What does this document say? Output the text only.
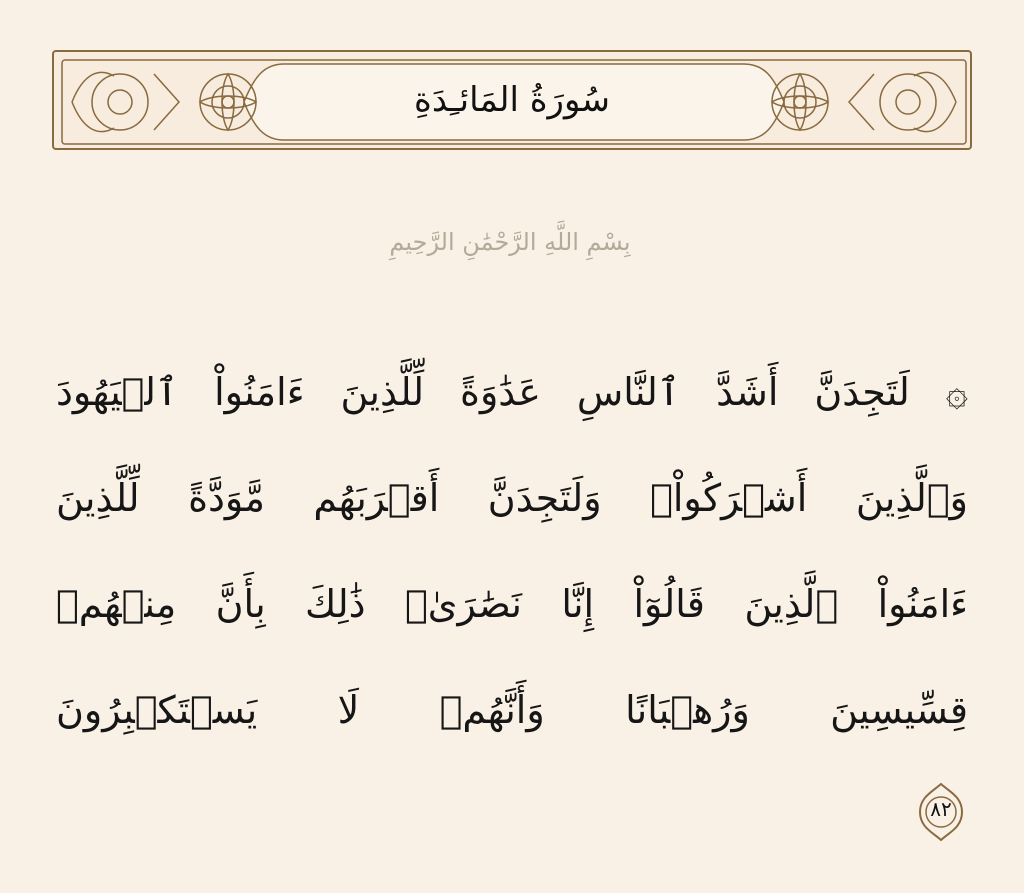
سُورَةُ المَائـِدَةِ
بِسْمِ اللَّهِ الرَّحْمَٰنِ الرَّحِيمِ
۞ لَتَجِدَنَّ أَشَدَّ ٱلنَّاسِ عَدَٰوَةً لِّلَّذِينَ ءَامَنُواْ ٱلۡيَهُودَ
وَٱلَّذِينَ أَشۡرَكُواْۖ وَلَتَجِدَنَّ أَقۡرَبَهُم مَّوَدَّةً لِّلَّذِينَ
ءَامَنُواْ ٱلَّذِينَ قَالُوٓاْ إِنَّا نَصَٰرَىٰۚ ذَٰلِكَ بِأَنَّ مِنۡهُمۡ
قِسِّيسِينَ وَرُهۡبَانًا وَأَنَّهُمۡ لَا يَسۡتَكۡبِرُونَ
٨٢
